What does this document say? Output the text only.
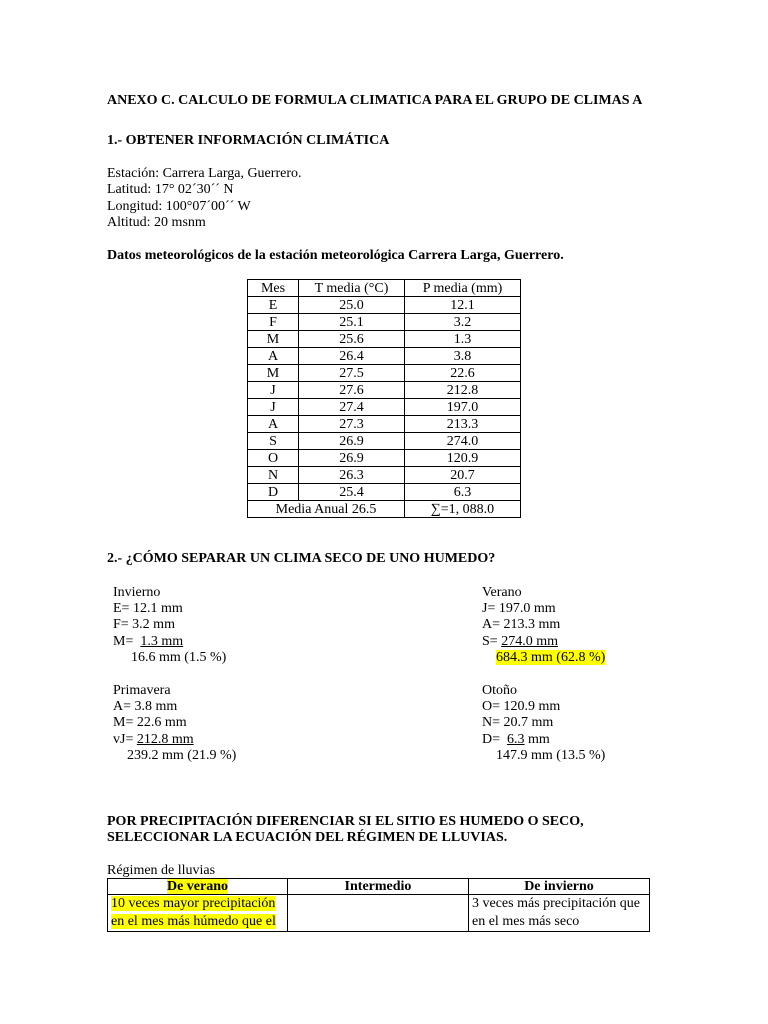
ANEXO C. CALCULO DE FORMULA CLIMATICA PARA EL GRUPO DE CLIMAS A
1.- OBTENER INFORMACIÓN CLIMÁTICA
Estación: Carrera Larga, Guerrero.
Latitud: 17° 02´30´´ N
Longitud: 100°07´00´´ W
Altitud: 20 msnm
Datos meteorológicos de la estación meteorológica Carrera Larga, Guerrero.
Mes	T media (°C)	P media (mm)
E	25.0	12.1
F	25.1	3.2
M	25.6	1.3
A	26.4	3.8
M	27.5	22.6
J	27.6	212.8
J	27.4	197.0
A	27.3	213.3
S	26.9	274.0
O	26.9	120.9
N	26.3	20.7
D	25.4	6.3
Media Anual 26.5		∑=1, 088.0
2.- ¿CÓMO SEPARAR UN CLIMA SECO DE UNO HUMEDO?
Invierno
E= 12.1 mm
F= 3.2 mm
M=  1.3 mm
16.6 mm (1.5 %)
Verano
J= 197.0 mm
A= 213.3 mm
S= 274.0 mm
684.3 mm (62.8 %)
Primavera
A= 3.8 mm
M= 22.6 mm
vJ= 212.8 mm
239.2 mm (21.9 %)
Otoño
O= 120.9 mm
N= 20.7 mm
D=  6.3 mm
147.9 mm (13.5 %)
POR PRECIPITACIÓN DIFERENCIAR SI EL SITIO ES HUMEDO O SECO,
SELECCIONAR LA ECUACIÓN DEL RÉGIMEN DE LLUVIAS.
Régimen de lluvias
De verano	Intermedio	De invierno
10 veces mayor precipitación
en el mes más húmedo que el		3 veces más precipitación que
en el mes más seco
